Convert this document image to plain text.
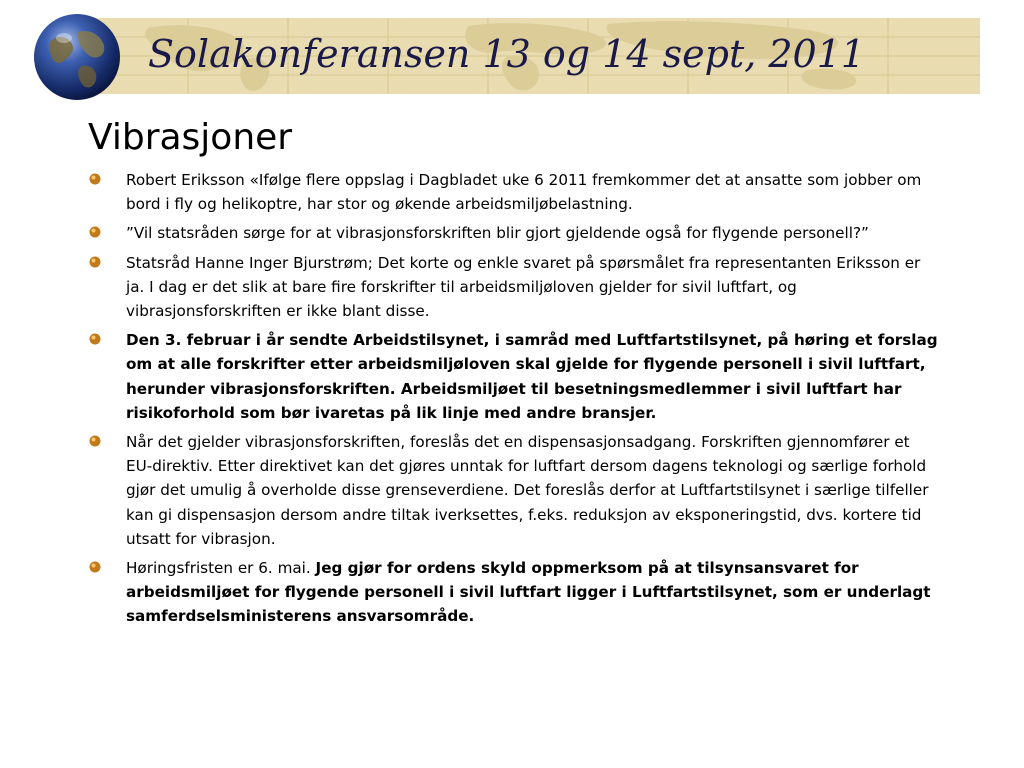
Solakonferansen 13 og 14 sept, 2011
Vibrasjoner
Robert Eriksson «Ifølge flere oppslag i Dagbladet uke 6 2011 fremkommer det at ansatte som jobber om bord i fly og helikoptre, har stor og økende arbeidsmiljøbelastning.
”Vil statsråden sørge for at vibrasjonsforskriften blir gjort gjeldende også for flygende personell?”
Statsråd Hanne Inger Bjurstrøm; Det korte og enkle svaret på spørsmålet fra representanten Eriksson er ja. I dag er det slik at bare fire forskrifter til arbeidsmiljøloven gjelder for sivil luftfart, og vibrasjonsforskriften er ikke blant disse.
Den 3. februar i år sendte Arbeidstilsynet, i samråd med Luftfartstilsynet, på høring et forslag om at alle forskrifter etter arbeidsmiljøloven skal gjelde for flygende personell i sivil luftfart, herunder vibrasjonsforskriften. Arbeidsmiljøet til besetningsmedlemmer i sivil luftfart har risikoforhold som bør ivaretas på lik linje med andre bransjer.
Når det gjelder vibrasjonsforskriften, foreslås det en dispensasjonsadgang. Forskriften gjennomfører et EU-direktiv. Etter direktivet kan det gjøres unntak for luftfart dersom dagens teknologi og særlige forhold gjør det umulig å overholde disse grenseverdiene. Det foreslås derfor at Luftfartstilsynet i særlige tilfeller kan gi dispensasjon dersom andre tiltak iverksettes, f.eks. reduksjon av eksponeringstid, dvs. kortere tid utsatt for vibrasjon.
Høringsfristen er 6. mai. Jeg gjør for ordens skyld oppmerksom på at tilsynsansvaret for arbeidsmiljøet for flygende personell i sivil luftfart ligger i Luftfartstilsynet, som er underlagt samferdselsministerens ansvarsområde.
